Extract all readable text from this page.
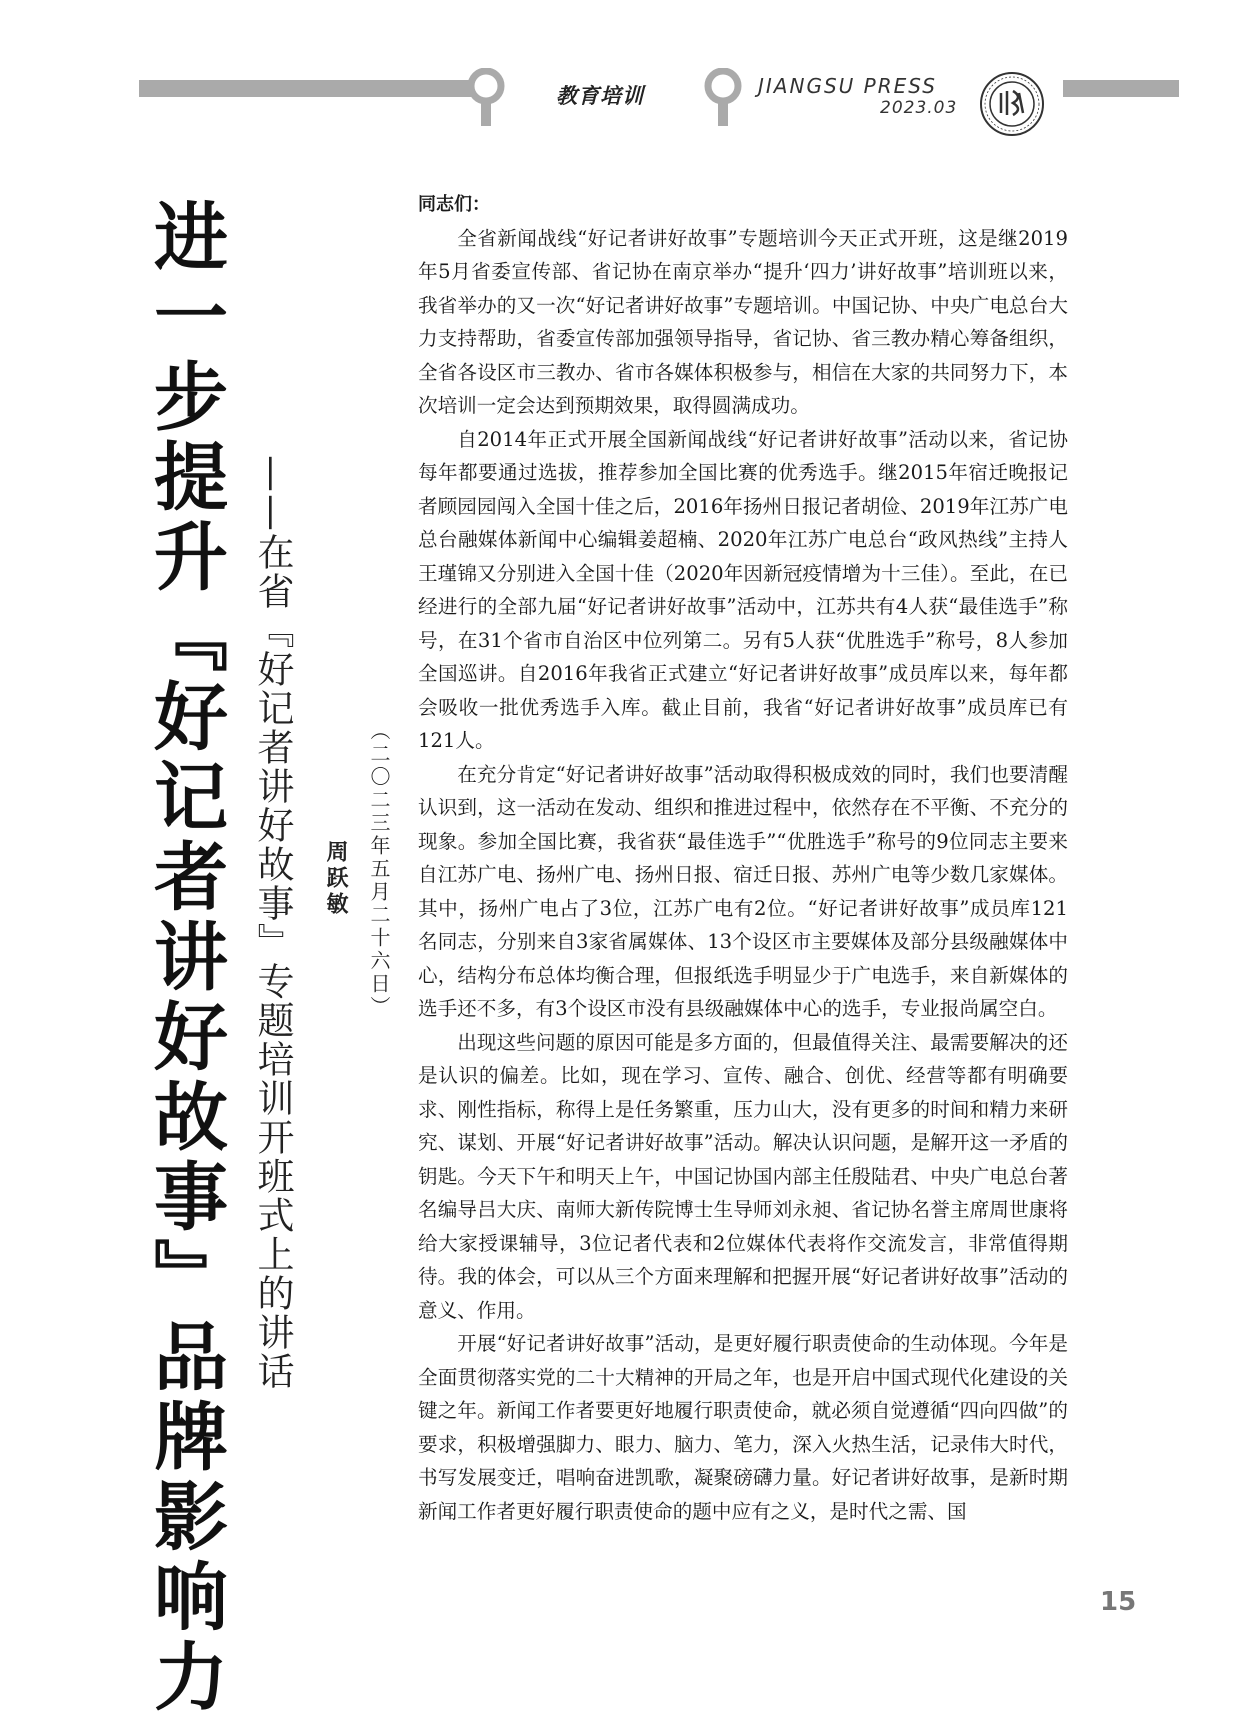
教育培训	JIANGSU PRESS
2023.03
进一步提升『好记者讲好故事』品牌影响力 ——在省『好记者讲好故事』专题培训开班式上的讲话 周跃敏 （二〇二三年五月二十六日）

同志们：

全省新闻战线“好记者讲好故事”专题培训今天正式开班，这是继2019年5月省委宣传部、省记协在南京举办“提升‘四力’讲好故事”培训班以来，我省举办的又一次“好记者讲好故事”专题培训。中国记协、中央广电总台大力支持帮助，省委宣传部加强领导指导，省记协、省三教办精心筹备组织，全省各设区市三教办、省市各媒体积极参与，相信在大家的共同努力下，本次培训一定会达到预期效果，取得圆满成功。

自2014年正式开展全国新闻战线“好记者讲好故事”活动以来，省记协每年都要通过选拔，推荐参加全国比赛的优秀选手。继2015年宿迁晚报记者顾园园闯入全国十佳之后，2016年扬州日报记者胡俭、2019年江苏广电总台融媒体新闻中心编辑姜超楠、2020年江苏广电总台“政风热线”主持人王瑾锦又分别进入全国十佳（2020年因新冠疫情增为十三佳）。至此，在已经进行的全部九届“好记者讲好故事”活动中，江苏共有4人获“最佳选手”称号，在31个省市自治区中位列第二。另有5人获“优胜选手”称号，8人参加全国巡讲。自2016年我省正式建立“好记者讲好故事”成员库以来，每年都会吸收一批优秀选手入库。截止目前，我省“好记者讲好故事”成员库已有121人。

在充分肯定“好记者讲好故事”活动取得积极成效的同时，我们也要清醒认识到，这一活动在发动、组织和推进过程中，依然存在不平衡、不充分的现象。参加全国比赛，我省获“最佳选手”“优胜选手”称号的9位同志主要来自江苏广电、扬州广电、扬州日报、宿迁日报、苏州广电等少数几家媒体。其中，扬州广电占了3位，江苏广电有2位。“好记者讲好故事”成员库121名同志，分别来自3家省属媒体、13个设区市主要媒体及部分县级融媒体中心，结构分布总体均衡合理，但报纸选手明显少于广电选手，来自新媒体的选手还不多，有3个设区市没有县级融媒体中心的选手，专业报尚属空白。

出现这些问题的原因可能是多方面的，但最值得关注、最需要解决的还是认识的偏差。比如，现在学习、宣传、融合、创优、经营等都有明确要求、刚性指标，称得上是任务繁重，压力山大，没有更多的时间和精力来研究、谋划、开展“好记者讲好故事”活动。解决认识问题，是解开这一矛盾的钥匙。今天下午和明天上午，中国记协国内部主任殷陆君、中央广电总台著名编导吕大庆、南师大新传院博士生导师刘永昶、省记协名誉主席周世康将给大家授课辅导，3位记者代表和2位媒体代表将作交流发言，非常值得期待。我的体会，可以从三个方面来理解和把握开展“好记者讲好故事”活动的意义、作用。

开展“好记者讲好故事”活动，是更好履行职责使命的生动体现。今年是全面贯彻落实党的二十大精神的开局之年，也是开启中国式现代化建设的关键之年。新闻工作者要更好地履行职责使命，就必须自觉遵循“四向四做”的要求，积极增强脚力、眼力、脑力、笔力，深入火热生活，记录伟大时代，书写发展变迁，唱响奋进凯歌，凝聚磅礴力量。好记者讲好故事，是新时期新闻工作者更好履行职责使命的题中应有之义，是时代之需、国

15
